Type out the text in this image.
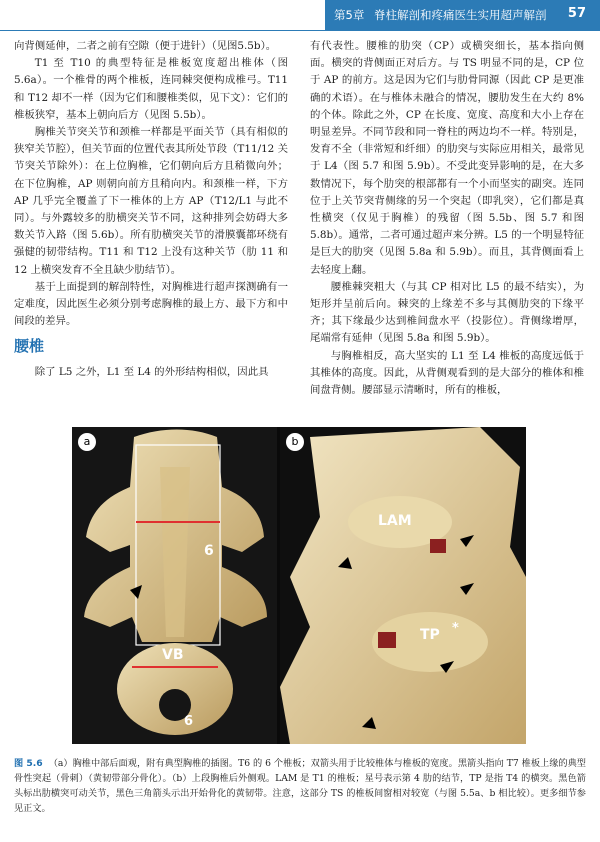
第5章 脊柱解剖和疼痛医生实用超声解剖 57

向背侧延伸，二者之前有空隙（便于进针）（见图5.5b）。

T1 至 T10 的典型特征是椎板宽度超出椎体（图 5.6a）。一个椎骨的两个椎板，连同棘突便构成椎弓。T11 和 T12 却不一样（因为它们和腰椎类似，见下文）：它们的椎板狭窄，基本上朝向后方（见图 5.5b）。

胸椎关节突关节和颈椎一样都是平面关节（具有相似的狭窄关节腔），但关节面的位置代表其所处节段（T11/12 关节突关节除外）：在上位胸椎，它们朝向后方且稍微向外；在下位胸椎，AP 则朝向前方且稍向内。和颈椎一样，下方 AP 几乎完全覆盖了下一椎体的上方 AP（T12/L1 与此不同）。与外露较多的肋横突关节不同，这种排列会妨碍大多数关节入路（图 5.6b）。所有肋横突关节的滑膜囊都环绕有强健的韧带结构。T11 和 T12 上没有这种关节（肋 11 和 12 上横突发育不全且缺少肋结节）。

基于上面提到的解剖特性，对胸椎进行超声探测确有一定难度，因此医生必须分别考虑胸椎的最上方、最下方和中间段的差异。

腰椎

除了 L5 之外，L1 至 L4 的外形结构相似，因此具

有代表性。腰椎的肋突（CP）或横突细长，基本指向侧面。横突的背侧面正对后方。与 TS 明显不同的是，CP 位于 AP 的前方。这是因为它们与肋骨同源（因此 CP 是更准确的术语）。在与椎体未融合的情况，腰肋发生在大约 8% 的个体。除此之外，CP 在长度、宽度、高度和大小上存在明显差异。不同节段和同一脊柱的两边均不一样。特别是，发育不全（非常短和纤细）的肋突与实际应用相关，最常见于 L4（图 5.7 和图 5.9b）。不受此变异影响的是，在大多数情况下，每个肋突的根部都有一个小而坚实的副突。连同位于上关节突背侧缘的另一个突起（即乳突），它们都是真性横突（仅见于胸椎）的残留（图 5.5b、图 5.7 和图 5.8b）。通常，二者可通过超声来分辨。L5 的一个明显特征是巨大的肋突（见图 5.8a 和 5.9b）。而且，其背侧面看上去轻度上翻。

腰椎棘突粗大（与其 CP 相对比 L5 的最不结实），为矩形并呈前后向。棘突的上缘差不多与其侧肋突的下缘平齐；其下缘最少达到椎间盘水平（投影位）。背侧缘增厚，尾端常有延伸（见图 5.8a 和图 5.9b）。

与胸椎相反，高大坚实的 L1 至 L4 椎板的高度远低于其椎体的高度。因此，从背侧观看到的是大部分的椎体和椎间盘背侧。腰部显示清晰时，所有的椎板，

6
VB
6
a
LAM
TP *
b
图 5.6 （a）胸椎中部后面观，附有典型胸椎的插图。T6 的 6 个椎板；双箭头用于比较椎体与椎板的宽度。黑箭头指向 T7 椎板上缘的典型骨性突起（骨刺）（黄韧带部分骨化）。（b）上段胸椎后外侧观。LAM 是 T1 的椎板；星号表示第 4 肋的结节，TP 是指 T4 的横突。黑色箭头标出肋横突可动关节，黑色三角箭头示出开始骨化的黄韧带。注意，这部分 TS 的椎板间窗相对较宽（与图 5.5a、b 相比较）。更多细节参见正文。
